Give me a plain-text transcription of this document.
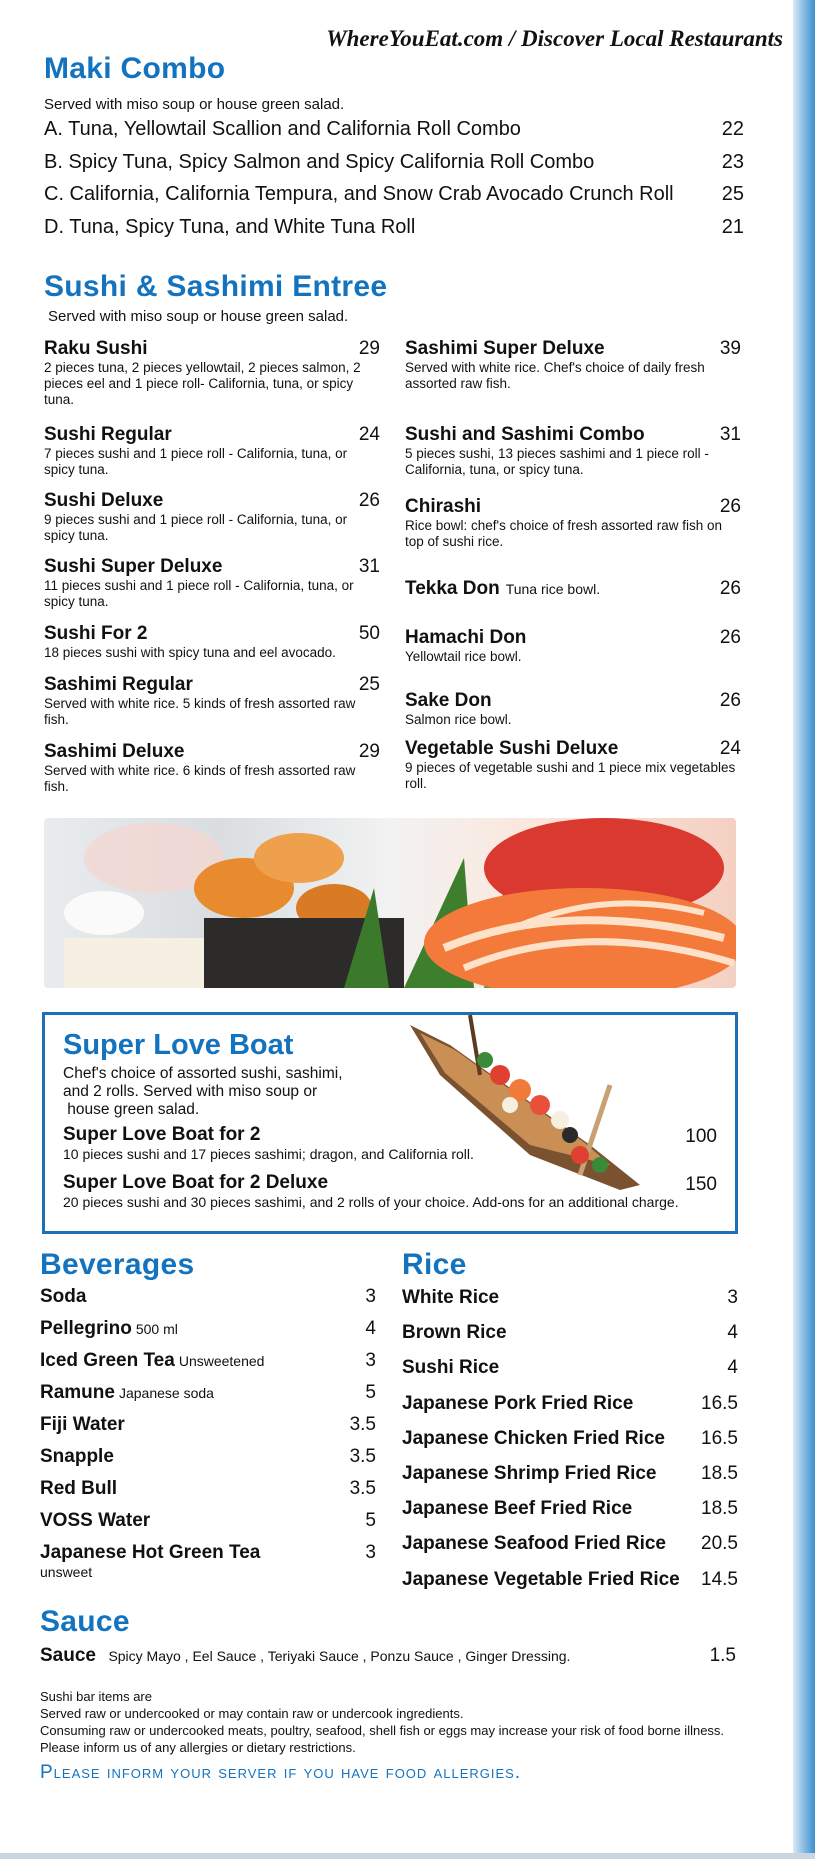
WhereYouEat.com / Discover Local Restaurants
Maki Combo
Served with miso soup or house green salad.
A. Tuna, Yellowtail Scallion and California Roll Combo	22
B. Spicy Tuna, Spicy Salmon and Spicy California Roll Combo	23
C. California, California Tempura, and Snow Crab Avocado Crunch Roll 25
D. Tuna, Spicy Tuna, and White Tuna Roll	21
Sushi & Sashimi Entree
Served with miso soup or house green salad.
Raku Sushi	29
2 pieces tuna, 2 pieces yellowtail, 2 pieces salmon, 2 pieces eel and 1 piece roll- California, tuna, or spicy tuna.
Sushi Regular	24
7 pieces sushi and 1 piece roll - California, tuna, or spicy tuna.
Sushi Deluxe	26
9 pieces sushi and 1 piece roll - California, tuna, or spicy tuna.
Sushi Super Deluxe	31
11 pieces sushi and 1 piece roll - California, tuna, or spicy tuna.
Sushi For 2	50
18 pieces sushi with spicy tuna and eel avocado.
Sashimi Regular	25
Served with white rice. 5 kinds of fresh assorted raw fish.
Sashimi Deluxe	29
Served with white rice. 6 kinds of fresh assorted raw fish.
Sashimi Super Deluxe	39
Served with white rice. Chef's choice of daily fresh assorted raw fish.
Sushi and Sashimi Combo	31
5 pieces sushi, 13 pieces sashimi and 1 piece roll - California, tuna, or spicy tuna.
Chirashi	26
Rice bowl: chef's choice of fresh assorted raw fish on top of sushi rice.
Tekka Don Tuna rice bowl.	26
Hamachi Don	26
Yellowtail rice bowl.
Sake Don	26
Salmon rice bowl.
Vegetable Sushi Deluxe	24
9 pieces of vegetable sushi and 1 piece mix vegetables roll.
Super Love Boat
Chef's choice of assorted sushi, sashimi,
and 2 rolls. Served with miso soup or
house green salad.
Super Love Boat for 2
10 pieces sushi and 17 pieces sashimi; dragon, and California roll.
100
Super Love Boat for 2 Deluxe
20 pieces sushi and 30 pieces sashimi, and 2 rolls of your choice. Add-ons for an additional charge.
150
Beverages
Soda	3
Pellegrino 500 ml	4
Iced Green Tea Unsweetened	3
Ramune Japanese soda	5
Fiji Water	3.5
Snapple	3.5
Red Bull	3.5
VOSS Water	5
Japanese Hot Green Tea	3
unsweet
Rice
White Rice	3
Brown Rice	4
Sushi Rice	4
Japanese Pork Fried Rice	16.5
Japanese Chicken Fried Rice 16.5
Japanese Shrimp Fried Rice 18.5
Japanese Beef Fried Rice	18.5
Japanese Seafood Fried Rice 20.5
Japanese Vegetable Fried Rice 14.5
Sauce
Sauce Spicy Mayo , Eel Sauce , Teriyaki Sauce , Ponzu Sauce , Ginger Dressing.	1.5
Sushi bar items are
Served raw or undercooked or may contain raw or undercook ingredients.
Consuming raw or undercooked meats, poultry, seafood, shell fish or eggs may increase your risk of food borne illness.
Please inform us of any allergies or dietary restrictions.
Please inform your server if you have food allergies.
